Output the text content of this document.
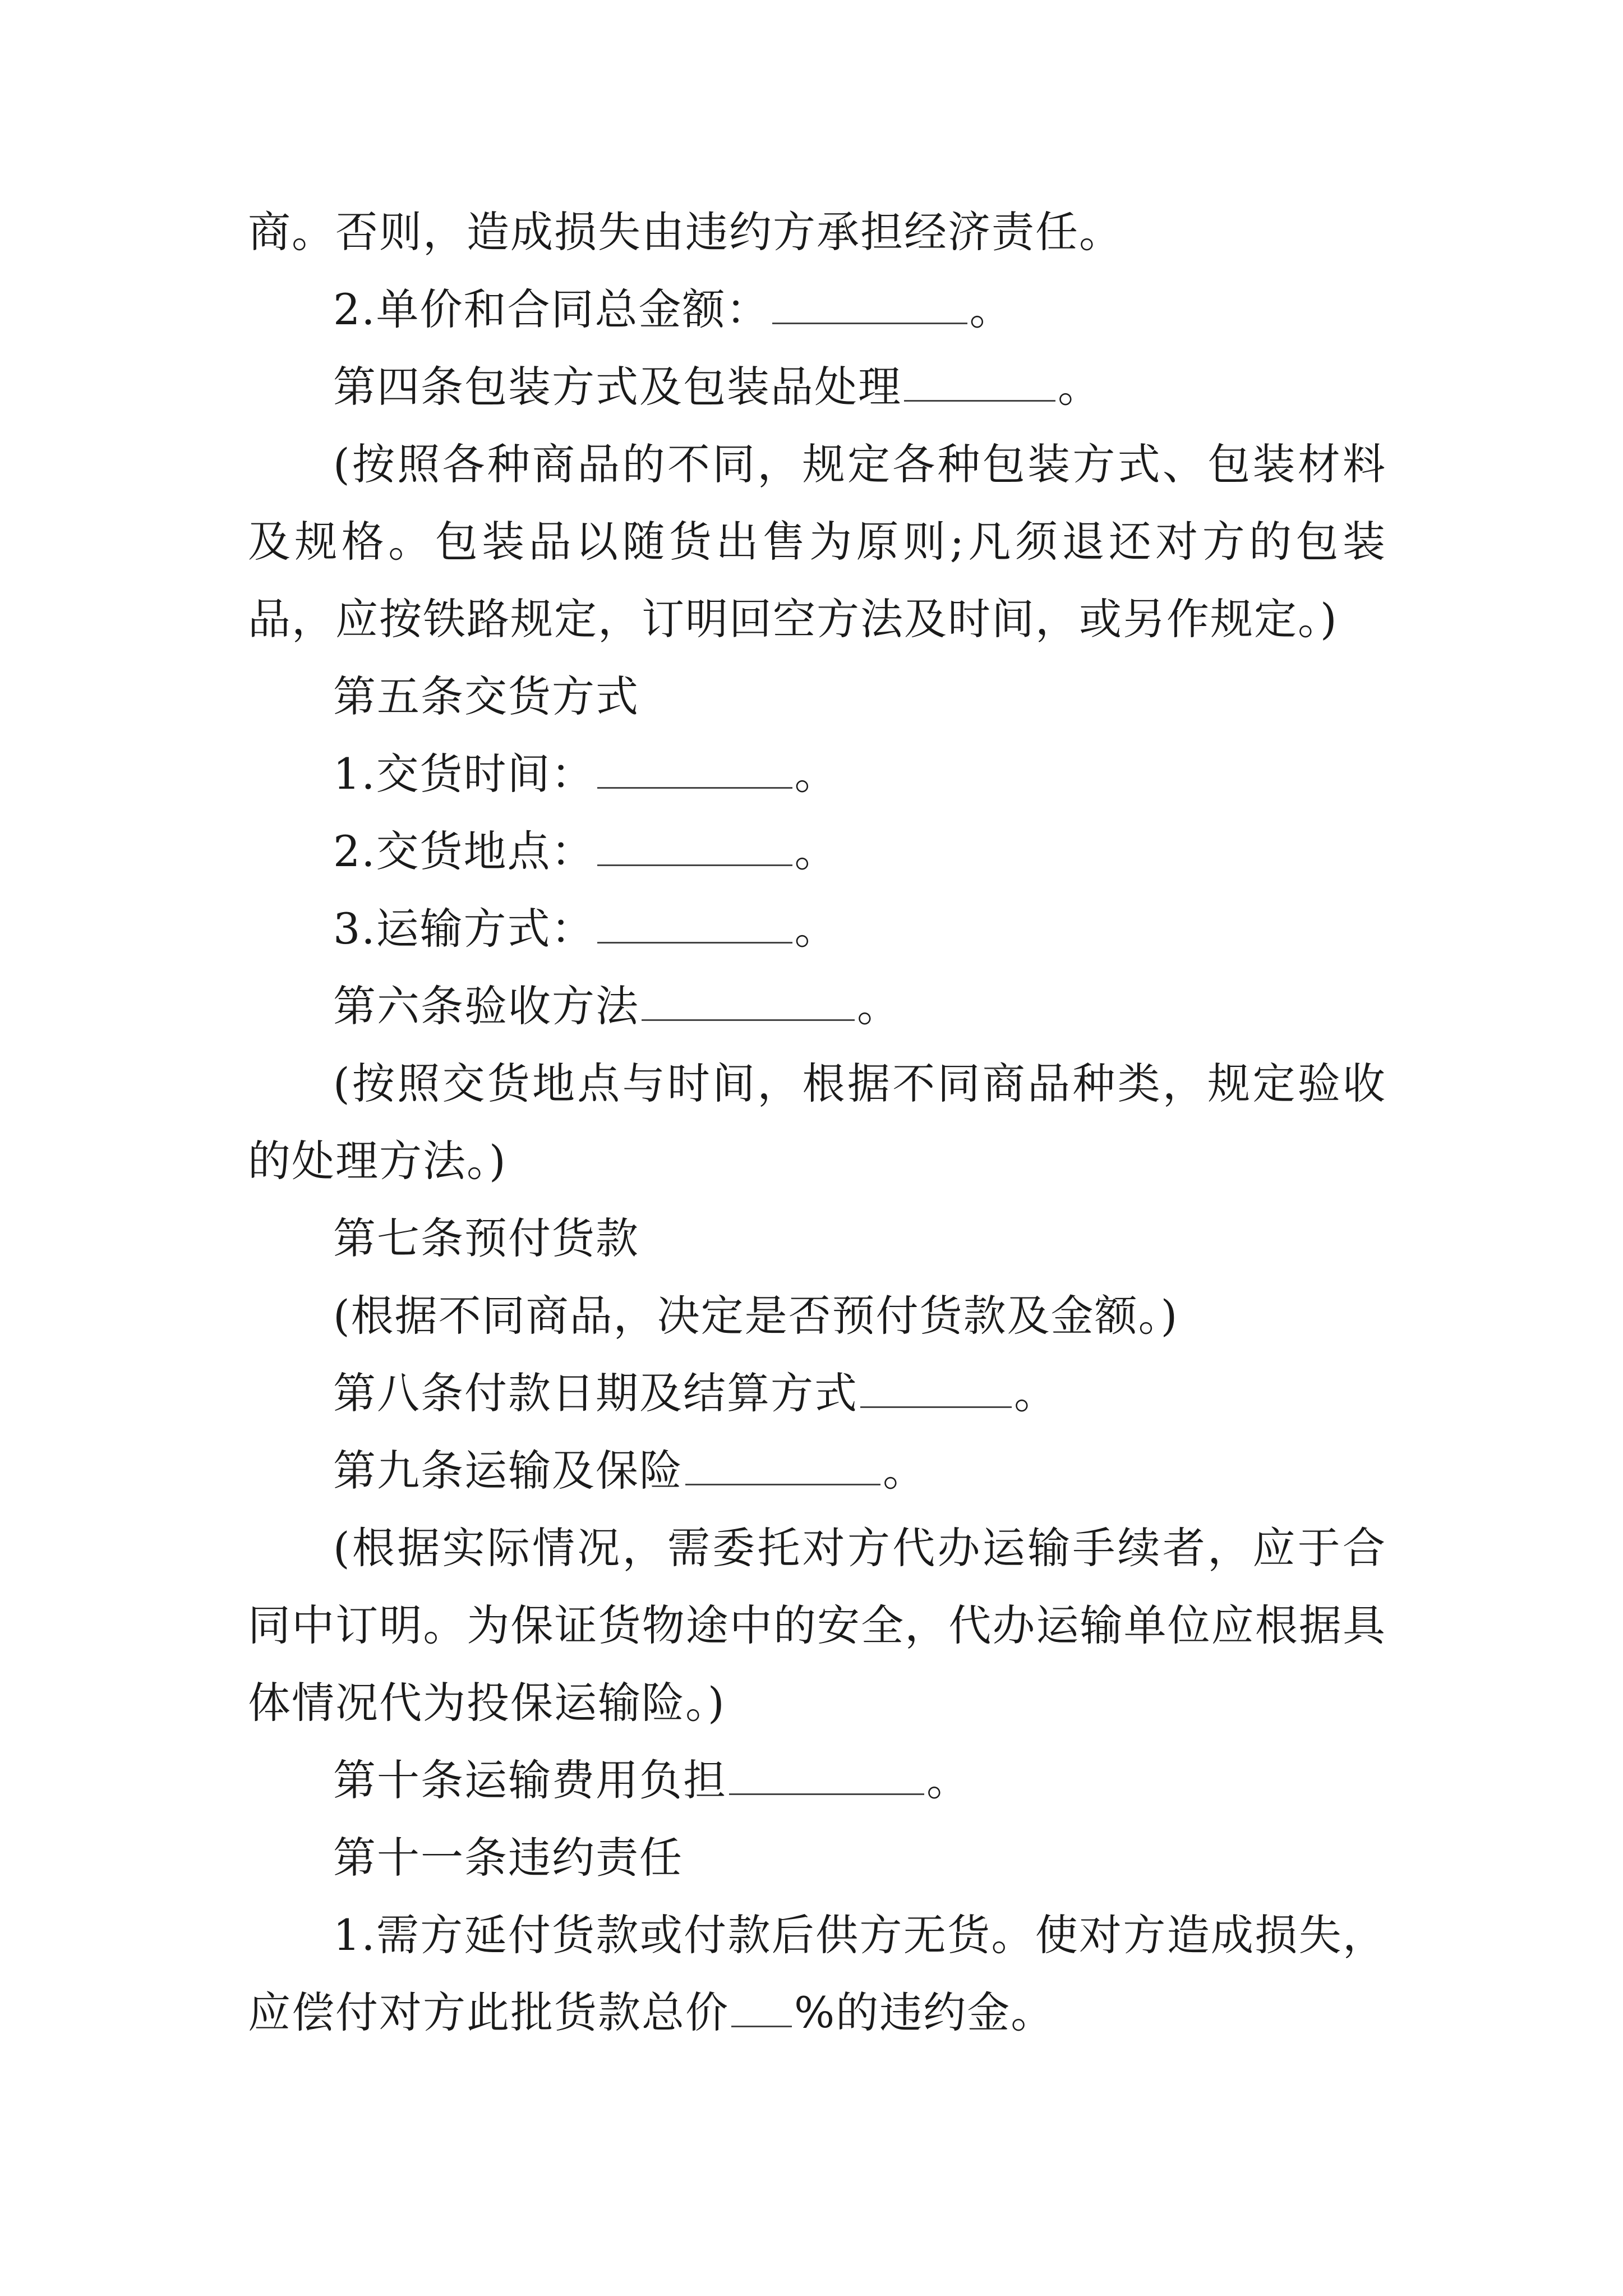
商。否则，造成损失由违约方承担经济责任。

2.单价和合同总金额：	。

第四条包装方式及包装品处理	。

(按照各种商品的不同，规定各种包装方式、包装材料及规格。包装品以随货出售为原则;凡须退还对方的包装品，应按铁路规定，订明回空方法及时间，或另作规定。)

第五条交货方式

1.交货时间：	。

2.交货地点：	。

3.运输方式：	。

第六条验收方法	。

(按照交货地点与时间，根据不同商品种类，规定验收的处理方法。)

第七条预付货款

(根据不同商品，决定是否预付货款及金额。)

第八条付款日期及结算方式	。

第九条运输及保险	。

(根据实际情况，需委托对方代办运输手续者，应于合同中订明。为保证货物途中的安全，代办运输单位应根据具体情况代为投保运输险。)

第十条运输费用负担	。

第十一条违约责任

1.需方延付货款或付款后供方无货。使对方造成损失，应偿付对方此批货款总价 %的违约金。
